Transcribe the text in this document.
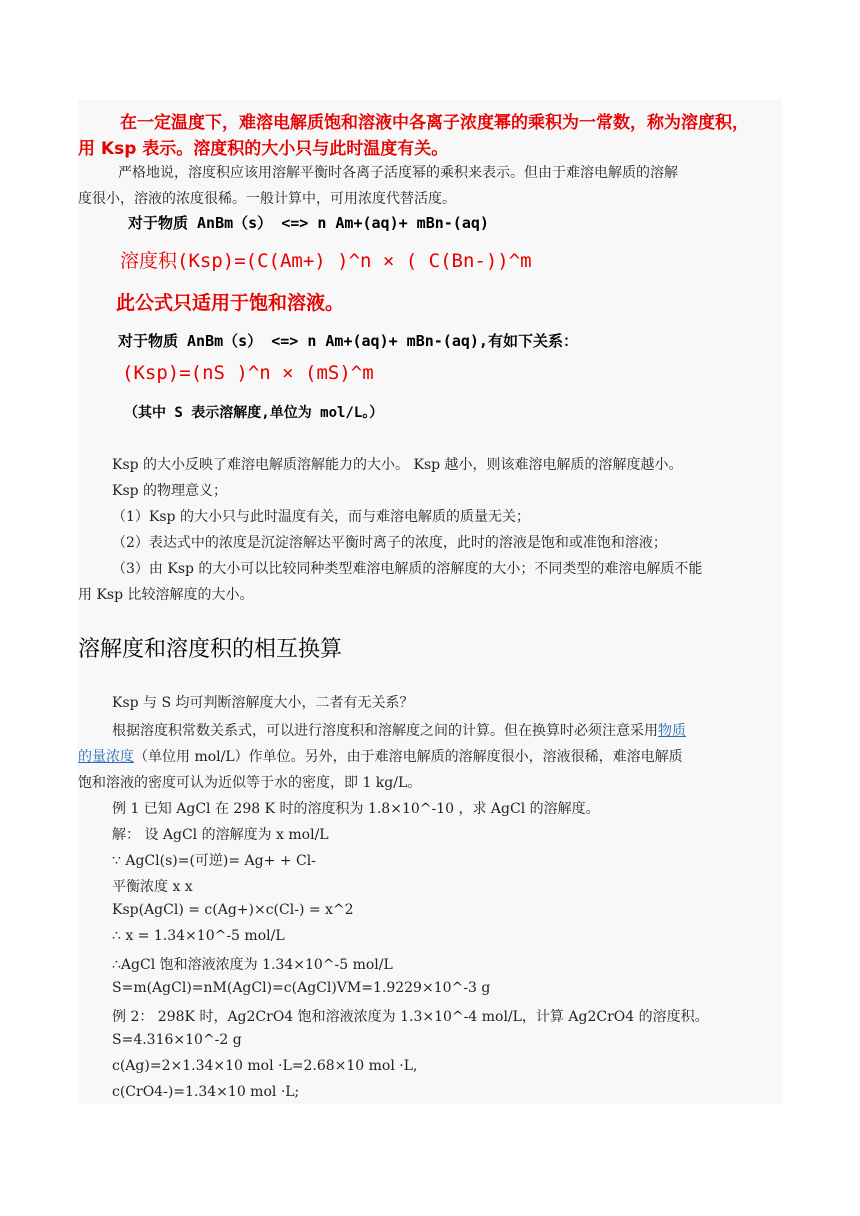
在一定温度下，难溶电解质饱和溶液中各离子浓度幂的乘积为一常数，称为溶度积，
用 Ksp 表示。溶度积的大小只与此时温度有关。
严格地说，溶度积应该用溶解平衡时各离子活度幂的乘积来表示。但由于难溶电解质的溶解
度很小，溶液的浓度很稀。一般计算中，可用浓度代替活度。
对于物质 AnBm（s） <=> n Am+(aq)+ mBn-(aq)
溶度积(Ksp)=(C(Am+) )^n × ( C(Bn-))^m
此公式只适用于饱和溶液。
对于物质 AnBm（s） <=> n Am+(aq)+ mBn-(aq),有如下关系：
(Ksp)=(nS )^n × (mS)^m
（其中 S 表示溶解度,单位为 mol/L。）
Ksp 的大小反映了难溶电解质溶解能力的大小。 Ksp 越小，则该难溶电解质的溶解度越小。
Ksp 的物理意义；
（1）Ksp 的大小只与此时温度有关，而与难溶电解质的质量无关；
（2）表达式中的浓度是沉淀溶解达平衡时离子的浓度，此时的溶液是饱和或准饱和溶液；
（3）由 Ksp 的大小可以比较同种类型难溶电解质的溶解度的大小；不同类型的难溶电解质不能
用 Ksp 比较溶解度的大小。
溶解度和溶度积的相互换算
Ksp 与 S 均可判断溶解度大小，二者有无关系？
根据溶度积常数关系式，可以进行溶度积和溶解度之间的计算。但在换算时必须注意采用物质
的量浓度（单位用 mol/L）作单位。另外，由于难溶电解质的溶解度很小，溶液很稀，难溶电解质
饱和溶液的密度可认为近似等于水的密度，即 1 kg/L。
例 1 已知 AgCl 在 298 K 时的溶度积为 1.8×10^-10 ，求 AgCl 的溶解度。
解： 设 AgCl 的溶解度为 x mol/L
∵ AgCl(s)=(可逆)= Ag+ + Cl-
平衡浓度 x x
Ksp(AgCl) = c(Ag+)×c(Cl-) = x^2
∴ x = 1.34×10^-5 mol/L
∴AgCl 饱和溶液浓度为 1.34×10^-5 mol/L
S=m(AgCl)=nM(AgCl)=c(AgCl)VM=1.9229×10^-3 g
例 2： 298K 时，Ag2CrO4 饱和溶液浓度为 1.3×10^-4 mol/L，计算 Ag2CrO4 的溶度积。
S=4.316×10^-2 g
c(Ag)=2×1.34×10 mol ·L=2.68×10 mol ·L,
c(CrO4-)=1.34×10 mol ·L;
